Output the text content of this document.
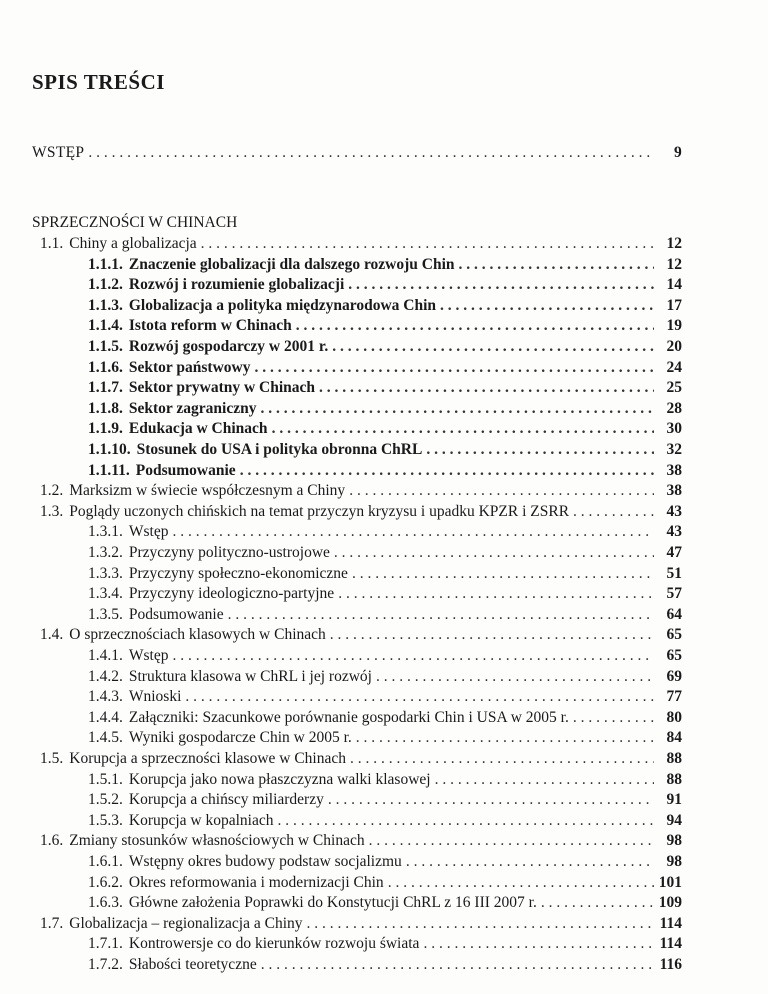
SPIS TREŚCI
WSTĘP . . .	9
SPRZECZNOŚCI W CHINACH
1.1. Chiny a globalizacja . . .	12
1.1.1. Znaczenie globalizacji dla dalszego rozwoju Chin . . .	12
1.1.2. Rozwój i rozumienie globalizacji . . .	14
1.1.3. Globalizacja a polityka międzynarodowa Chin . . .	17
1.1.4. Istota reform w Chinach . . .	19
1.1.5. Rozwój gospodarczy w 2001 r. . . .	20
1.1.6. Sektor państwowy . . .	24
1.1.7. Sektor prywatny w Chinach . . .	25
1.1.8. Sektor zagraniczny . . .	28
1.1.9. Edukacja w Chinach . . .	30
1.1.10. Stosunek do USA i polityka obronna ChRL . . .	32
1.1.11. Podsumowanie . . .	38
1.2. Marksizm w świecie współczesnym a Chiny . . .	38
1.3. Poglądy uczonych chińskich na temat przyczyn kryzysu i upadku KPZR i ZSRR . . .	43
1.3.1. Wstęp . . .	43
1.3.2. Przyczyny polityczno-ustrojowe . . .	47
1.3.3. Przyczyny społeczno-ekonomiczne . . .	51
1.3.4. Przyczyny ideologiczno-partyjne . . .	57
1.3.5. Podsumowanie . . .	64
1.4. O sprzecznościach klasowych w Chinach . . .	65
1.4.1. Wstęp . . .	65
1.4.2. Struktura klasowa w ChRL i jej rozwój . . .	69
1.4.3. Wnioski . . .	77
1.4.4. Załączniki: Szacunkowe porównanie gospodarki Chin i USA w 2005 r. . . .	80
1.4.5. Wyniki gospodarcze Chin w 2005 r. . . .	84
1.5. Korupcja a sprzeczności klasowe w Chinach . . .	88
1.5.1. Korupcja jako nowa płaszczyzna walki klasowej . . .	88
1.5.2. Korupcja a chińscy miliarderzy . . .	91
1.5.3. Korupcja w kopalniach . . .	94
1.6. Zmiany stosunków własnościowych w Chinach . . .	98
1.6.1. Wstępny okres budowy podstaw socjalizmu . . .	98
1.6.2. Okres reformowania i modernizacji Chin . . .	101
1.6.3. Główne założenia Poprawki do Konstytucji ChRL z 16 III 2007 r. . . .	109
1.7. Globalizacja – regionalizacja a Chiny . . .	114
1.7.1. Kontrowersje co do kierunków rozwoju świata . . .	114
1.7.2. Słabości teoretyczne . . .	116
